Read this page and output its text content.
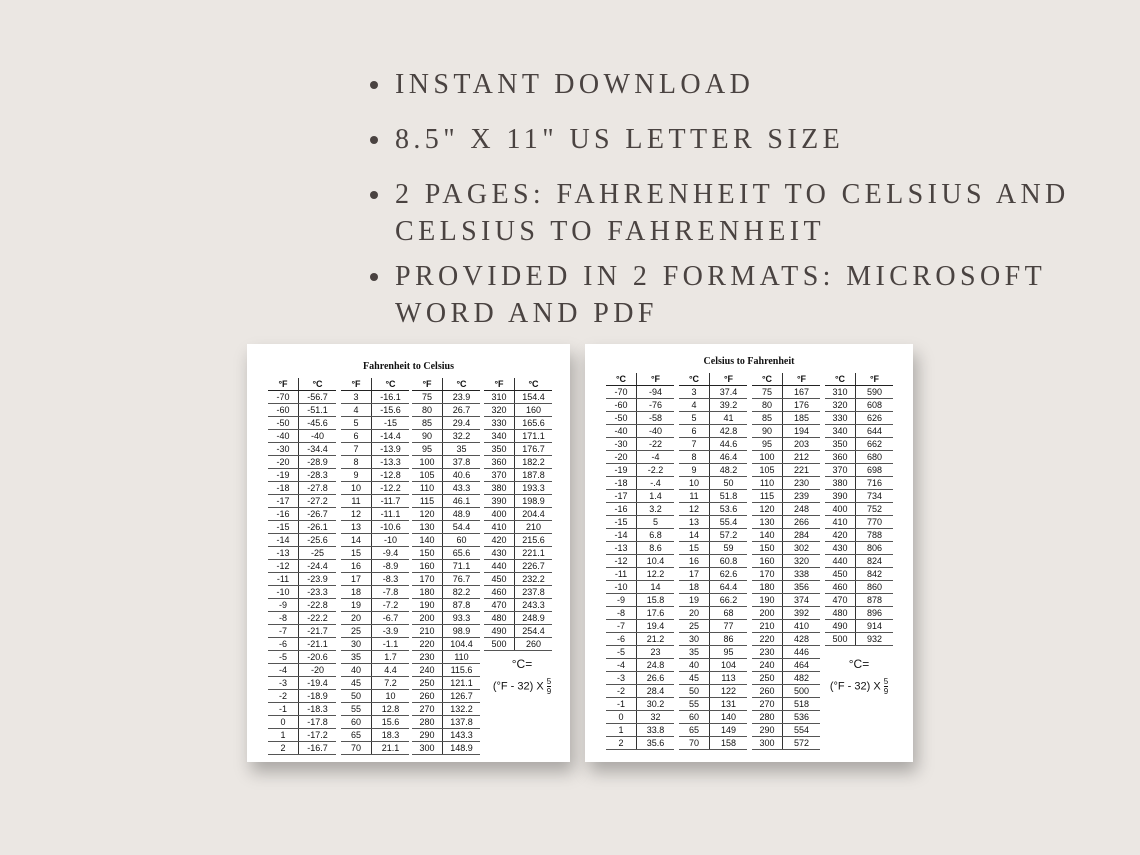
INSTANT DOWNLOAD
8.5" X 11" US LETTER SIZE
2 PAGES: FAHRENHEIT TO CELSIUS AND CELSIUS TO FAHRENHEIT
PROVIDED IN 2 FORMATS: MICROSOFT WORD AND PDF
Fahrenheit to Celsius
°C=
(°F - 32) X $\frac{5}{9}$
°F	°C
-70	-56.7
-60	-51.1
-50	-45.6
-40	-40
-30	-34.4
-20	-28.9
-19	-28.3
-18	-27.8
-17	-27.2
-16	-26.7
-15	-26.1
-14	-25.6
-13	-25
-12	-24.4
-11	-23.9
-10	-23.3
-9	-22.8
-8	-22.2
-7	-21.7
-6	-21.1
-5	-20.6
-4	-20
-3	-19.4
-2	-18.9
-1	-18.3
0	-17.8
1	-17.2
2	-16.7
°F	°C
3	-16.1
4	-15.6
5	-15
6	-14.4
7	-13.9
8	-13.3
9	-12.8
10	-12.2
11	-11.7
12	-11.1
13	-10.6
14	-10
15	-9.4
16	-8.9
17	-8.3
18	-7.8
19	-7.2
20	-6.7
25	-3.9
30	-1.1
35	1.7
40	4.4
45	7.2
50	10
55	12.8
60	15.6
65	18.3
70	21.1
°F	°C
75	23.9
80	26.7
85	29.4
90	32.2
95	35
100	37.8
105	40.6
110	43.3
115	46.1
120	48.9
130	54.4
140	60
150	65.6
160	71.1
170	76.7
180	82.2
190	87.8
200	93.3
210	98.9
220	104.4
230	110
240	115.6
250	121.1
260	126.7
270	132.2
280	137.8
290	143.3
300	148.9
°F	°C
310	154.4
320	160
330	165.6
340	171.1
350	176.7
360	182.2
370	187.8
380	193.3
390	198.9
400	204.4
410	210
420	215.6
430	221.1
440	226.7
450	232.2
460	237.8
470	243.3
480	248.9
490	254.4
500	260
Celsius to Fahrenheit
°C=
(°F - 32) X $\frac{5}{9}$
°C	°F
-70	-94
-60	-76
-50	-58
-40	-40
-30	-22
-20	-4
-19	-2.2
-18	-.4
-17	1.4
-16	3.2
-15	5
-14	6.8
-13	8.6
-12	10.4
-11	12.2
-10	14
-9	15.8
-8	17.6
-7	19.4
-6	21.2
-5	23
-4	24.8
-3	26.6
-2	28.4
-1	30.2
0	32
1	33.8
2	35.6
°C	°F
3	37.4
4	39.2
5	41
6	42.8
7	44.6
8	46.4
9	48.2
10	50
11	51.8
12	53.6
13	55.4
14	57.2
15	59
16	60.8
17	62.6
18	64.4
19	66.2
20	68
25	77
30	86
35	95
40	104
45	113
50	122
55	131
60	140
65	149
70	158
°C	°F
75	167
80	176
85	185
90	194
95	203
100	212
105	221
110	230
115	239
120	248
130	266
140	284
150	302
160	320
170	338
180	356
190	374
200	392
210	410
220	428
230	446
240	464
250	482
260	500
270	518
280	536
290	554
300	572
°C	°F
310	590
320	608
330	626
340	644
350	662
360	680
370	698
380	716
390	734
400	752
410	770
420	788
430	806
440	824
450	842
460	860
470	878
480	896
490	914
500	932
